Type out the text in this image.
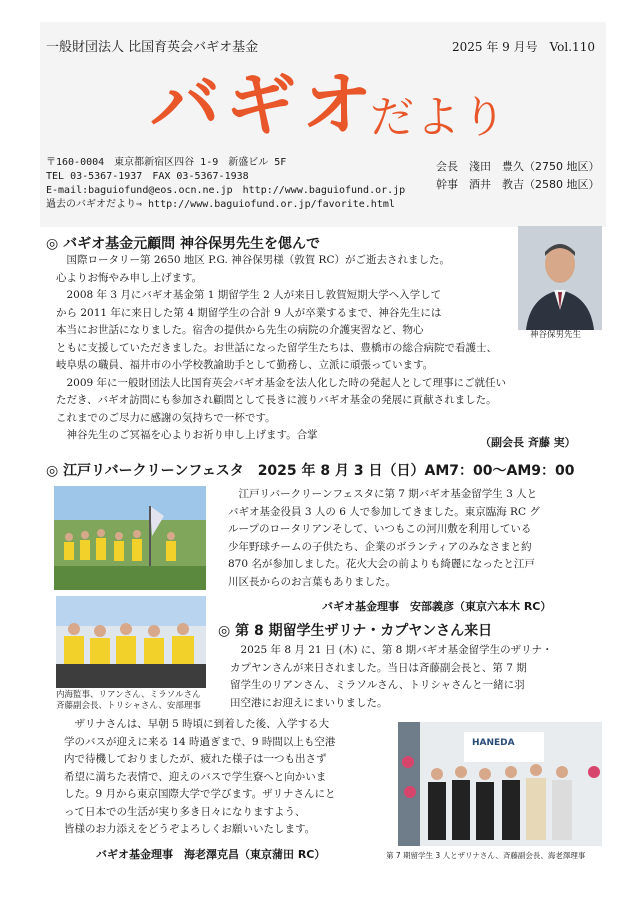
一般財団法人 比国育英会バギオ基金	2025 年 9 月号　Vol.110
バギオ
だより
〒160-0004　東京都新宿区四谷 1-9　新盛ビル 5F
TEL 03-5367-1937　FAX 03-5367-1938
E-mail:baguiofund@eos.ocn.ne.jp　http://www.baguiofund.or.jp
過去のバギオだより⇒ http://www.baguiofund.or.jp/favorite.html
会長　淺田　豊久（2750 地区）
幹事　酒井　教吉（2580 地区）
◎ バギオ基金元顧問 神谷保男先生を偲んで
　国際ロータリー第 2650 地区 P.G. 神谷保男様（敦賀 RC）がご逝去されました。
心よりお悔やみ申し上げます。
　2008 年 3 月にバギオ基金第 1 期留学生 2 人が来日し敦賀短期大学へ入学して
から 2011 年に来日した第 4 期留学生の合計 9 人が卒業するまで、神谷先生には
本当にお世話になりました。宿舎の提供から先生の病院の介護実習など、物心
ともに支援していただきました。お世話になった留学生たちは、豊橋市の総合病院で看護士、
岐阜県の職員、福井市の小学校教諭助手として勤務し、立派に頑張っています。
　2009 年に一般財団法人比国育英会バギオ基金を法人化した時の発起人として理事にご就任い
ただき、バギオ訪問にも参加され顧問として長きに渡りバギオ基金の発展に貢献されました。
これまでのご尽力に感謝の気持ちで一杯です。
　神谷先生のご冥福を心よりお祈り申し上げます。合掌
（副会長 斉藤 実）
神谷保男先生
◎ 江戸リバークリーンフェスタ　2025 年 8 月 3 日（日）AM7：00～AM9：00
　江戸リバークリーンフェスタに第 7 期バギオ基金留学生 3 人と
バギオ基金役員 3 人の 6 人で参加してきました。東京臨海 RC グ
ループのロータリアンそして、いつもこの河川敷を利用している
少年野球チームの子供たち、企業のボランティアのみなさまと約
870 名が参加しました。花火大会の前よりも綺麗になったと江戸
川区長からのお言葉もありました。
バギオ基金理事　安部義彦（東京六本木 RC）
内海監事、リアンさん、ミラソルさん
斉藤副会長、トリシャさん、安部理事
◎ 第 8 期留学生ザリナ・カプヤンさん来日
　2025 年 8 月 21 日 (木) に、第 8 期バギオ基金留学生のザリナ・
カプヤンさんが来日されました。当日は斉藤副会長と、第 7 期
留学生のリアンさん、ミラソルさん、トリシャさんと一緒に羽
田空港にお迎えにまいりました。
　ザリナさんは、早朝 5 時頃に到着した後、入学する大
学のバスが迎えに来る 14 時過ぎまで、9 時間以上も空港
内で待機しておりましたが、疲れた様子は一つも出さず
希望に満ちた表情で、迎えのバスで学生寮へと向かいま
した。9 月から東京国際大学で学びます。ザリナさんにと
って日本での生活が実り多き日々になりますよう、
皆様のお力添えをどうぞよろしくお願いいたします。
バギオ基金理事　海老澤克昌（東京蒲田 RC）
HANEDA
第 7 期留学生 3 人とザリナさん、斉藤副会長、海老澤理事
